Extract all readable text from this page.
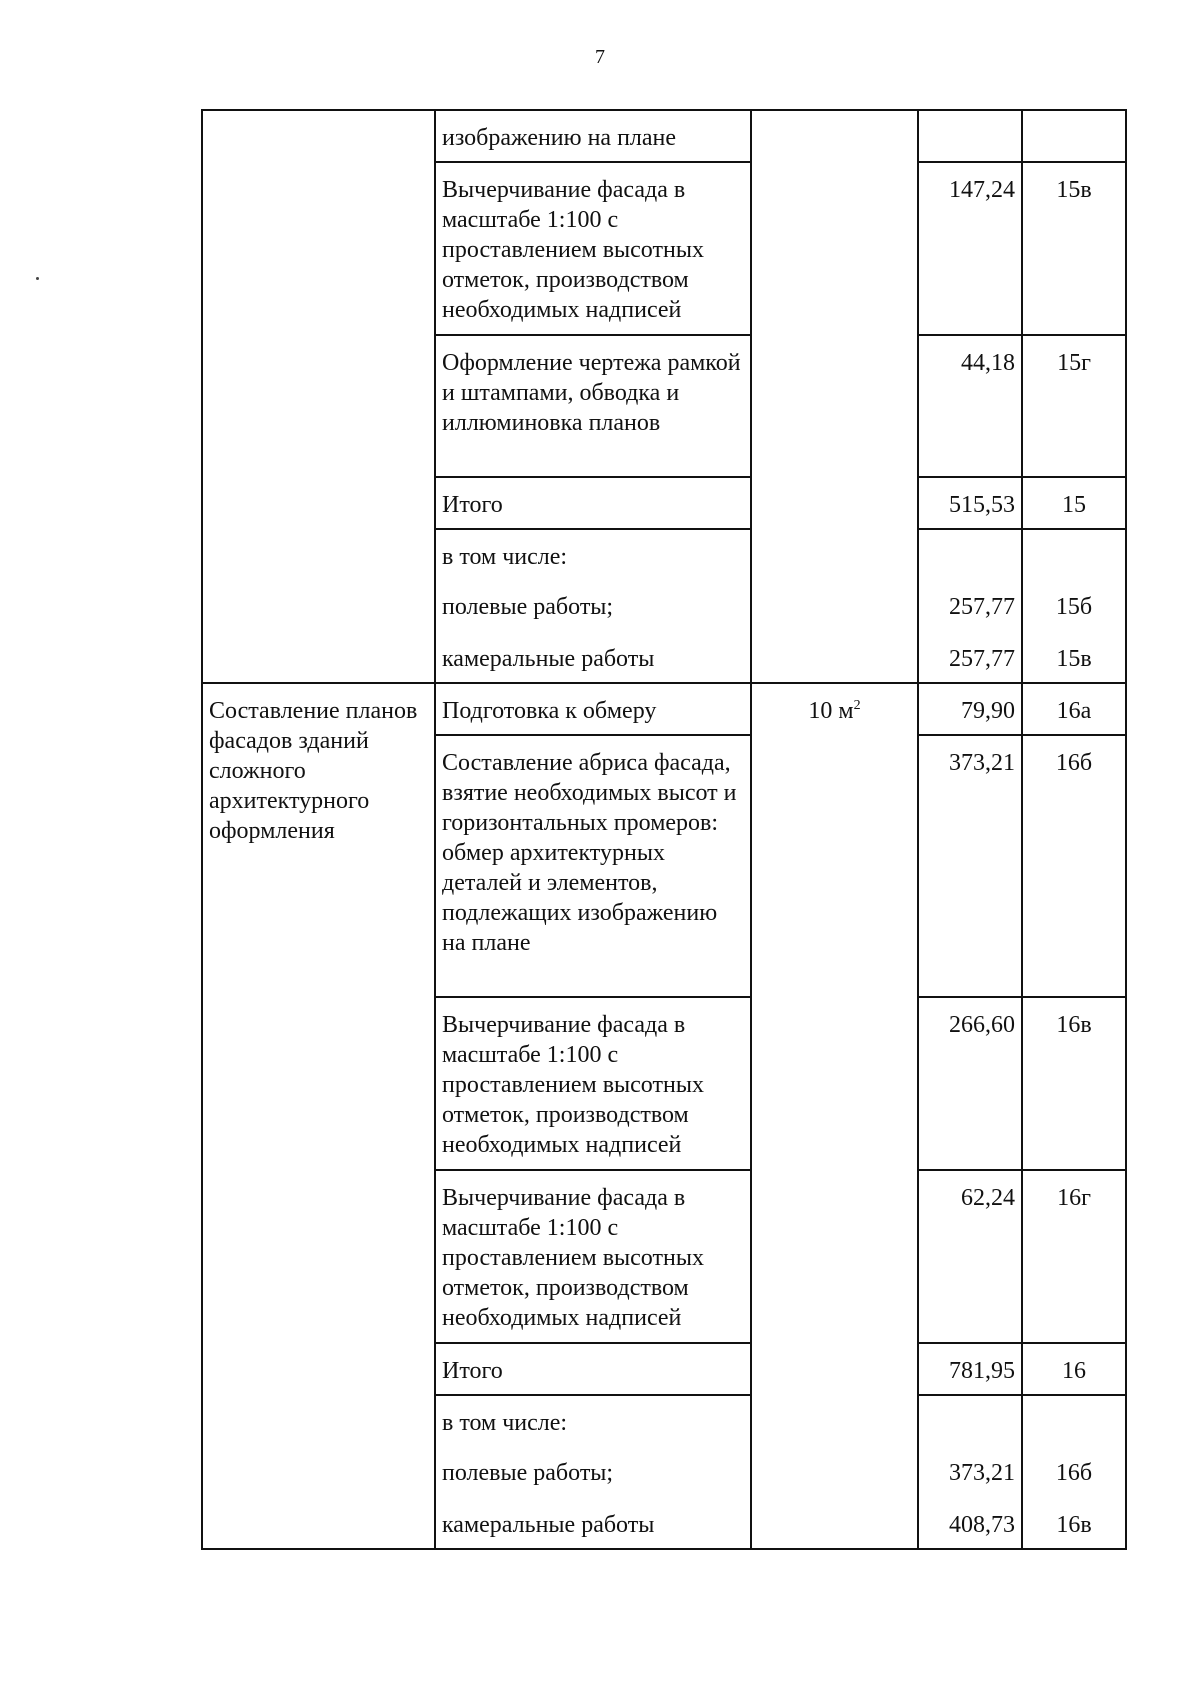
7
	изображению на плане			
	Вычерчивание фасада в масштабе 1:100 с проставлением высотных отметок, производством необходимых надписей		147,24	15в
	Оформление чертежа рамкой и штампами, обводка и иллюминовка планов		44,18	15г
	Итого		515,53	15
	в том числе:			
	полевые работы;		257,77	15б
	камеральные работы		257,77	15в
Составление планов фасадов зданий сложного архитектурного оформления	Подготовка к обмеру	10 $м^2$	79,90	16а
	Составление абриса фасада, взятие необходимых высот и горизонтальных промеров: обмер архитектурных деталей и элементов, подлежащих изображению на плане		373,21	16б
	Вычерчивание фасада в масштабе 1:100 с проставлением высотных отметок, производством необходимых надписей		266,60	16в
	Вычерчивание фасада в масштабе 1:100 с проставлением высотных отметок, производством необходимых надписей		62,24	16г
	Итого		781,95	16
	в том числе:			
	полевые работы;		373,21	16б
	камеральные работы		408,73	16в
